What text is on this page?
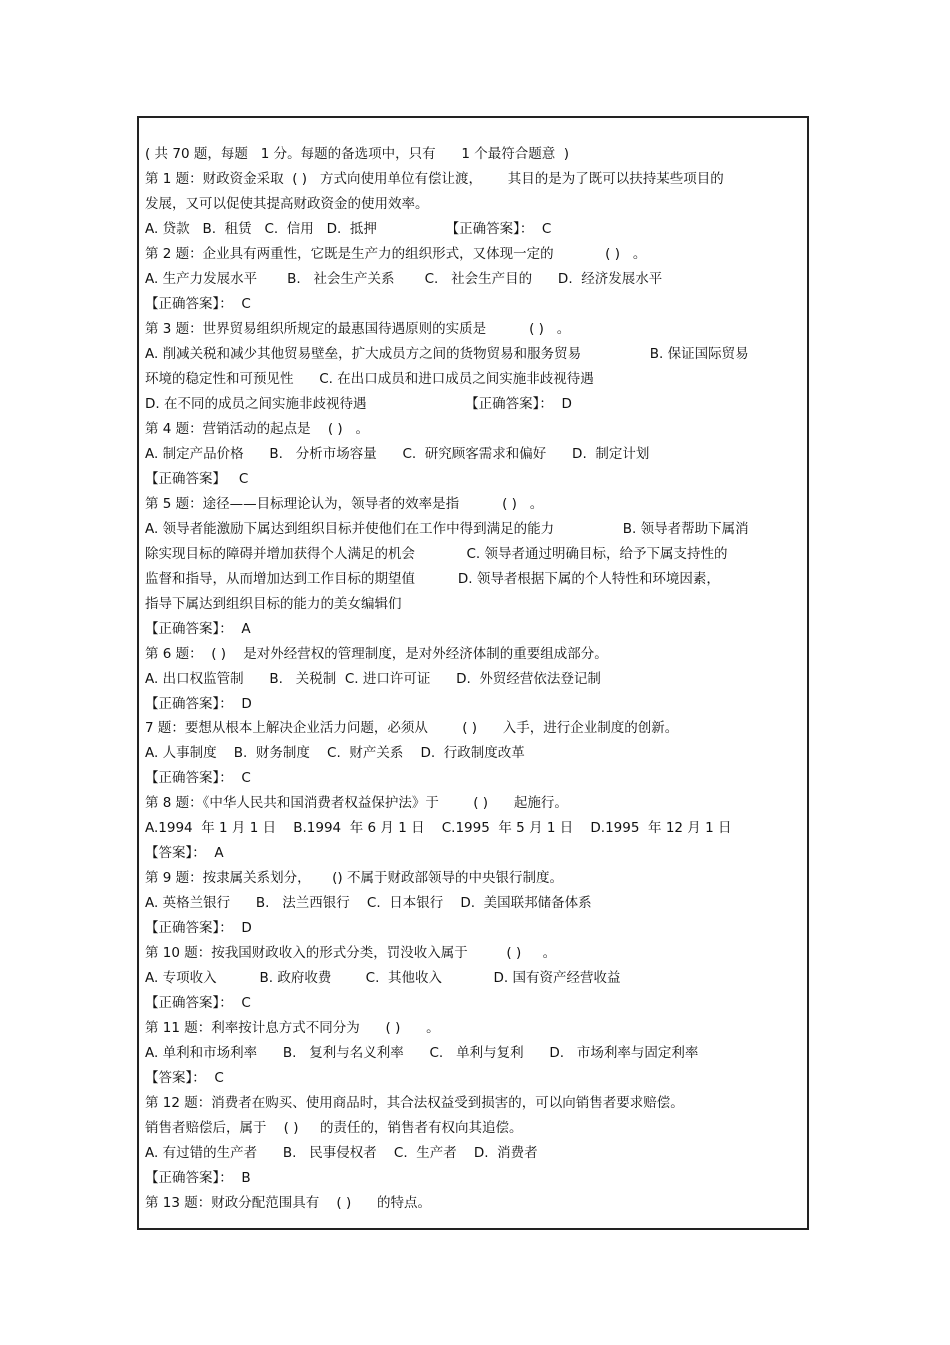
( 共 70 题，每题   1 分。每题的备选项中，只有      1 个最符合题意  )
第 1 题：财政资金采取  ( )   方式向使用单位有偿让渡，      其目的是为了既可以扶持某些项目的
发展，又可以促使其提高财政资金的使用效率。
A. 贷款   B.  租赁   C.  信用   D.  抵押                【正确答案】：  C
第 2 题：企业具有两重性，它既是生产力的组织形式，又体现一定的            ( )   。
A. 生产力发展水平       B.   社会生产关系       C.   社会生产目的      D.  经济发展水平
【正确答案】：  C
第 3 题：世界贸易组织所规定的最惠国待遇原则的实质是          ( )   。
A. 削减关税和减少其他贸易壁垒，扩大成员方之间的货物贸易和服务贸易                B. 保证国际贸易
环境的稳定性和可预见性      C. 在出口成员和进口成员之间实施非歧视待遇
D. 在不同的成员之间实施非歧视待遇                       【正确答案】：  D
第 4 题：营销活动的起点是    ( )   。
A. 制定产品价格      B.   分析市场容量      C.  研究顾客需求和偏好      D.  制定计划
【正确答案】   C
第 5 题：途径——目标理论认为，领导者的效率是指          ( )   。
A. 领导者能激励下属达到组织目标并使他们在工作中得到满足的能力                B. 领导者帮助下属消
除实现目标的障碍并增加获得个人满足的机会            C. 领导者通过明确目标，给予下属支持性的
监督和指导，从而增加达到工作目标的期望值          D. 领导者根据下属的个人特性和环境因素，
指导下属达到组织目标的能力的美女编辑们
【正确答案】：  A
第 6 题：  ( )    是对外经营权的管理制度，是对外经济体制的重要组成部分。
A. 出口权监管制      B.   关税制  C. 进口许可证      D.  外贸经营依法登记制
【正确答案】：  D
7 题：要想从根本上解决企业活力问题，必须从        ( )      入手，进行企业制度的创新。
A. 人事制度    B.  财务制度    C.  财产关系    D.  行政制度改革
【正确答案】：  C
第 8 题：《中华人民共和国消费者权益保护法》于        ( )      起施行。
A.1994  年 1 月 1 日    B.1994  年 6 月 1 日    C.1995  年 5 月 1 日    D.1995  年 12 月 1 日
【答案】：  A
第 9 题：按隶属关系划分，     () 不属于财政部领导的中央银行制度。
A. 英格兰银行      B.   法兰西银行    C.  日本银行    D.  美国联邦储备体系
【正确答案】：  D
第 10 题：按我国财政收入的形式分类，罚没收入属于         ( )     。
A. 专项收入          B. 政府收费        C.  其他收入            D. 国有资产经营收益
【正确答案】：  C
第 11 题：利率按计息方式不同分为      ( )      。
A. 单利和市场利率      B.   复利与名义利率      C.   单利与复利      D.   市场利率与固定利率
【答案】：  C
第 12 题：消费者在购买、使用商品时，其合法权益受到损害的，可以向销售者要求赔偿。
销售者赔偿后，属于    ( )     的责任的，销售者有权向其追偿。
A. 有过错的生产者      B.   民事侵权者    C.  生产者    D.  消费者
【正确答案】：  B
第 13 题：财政分配范围具有    ( )      的特点。
